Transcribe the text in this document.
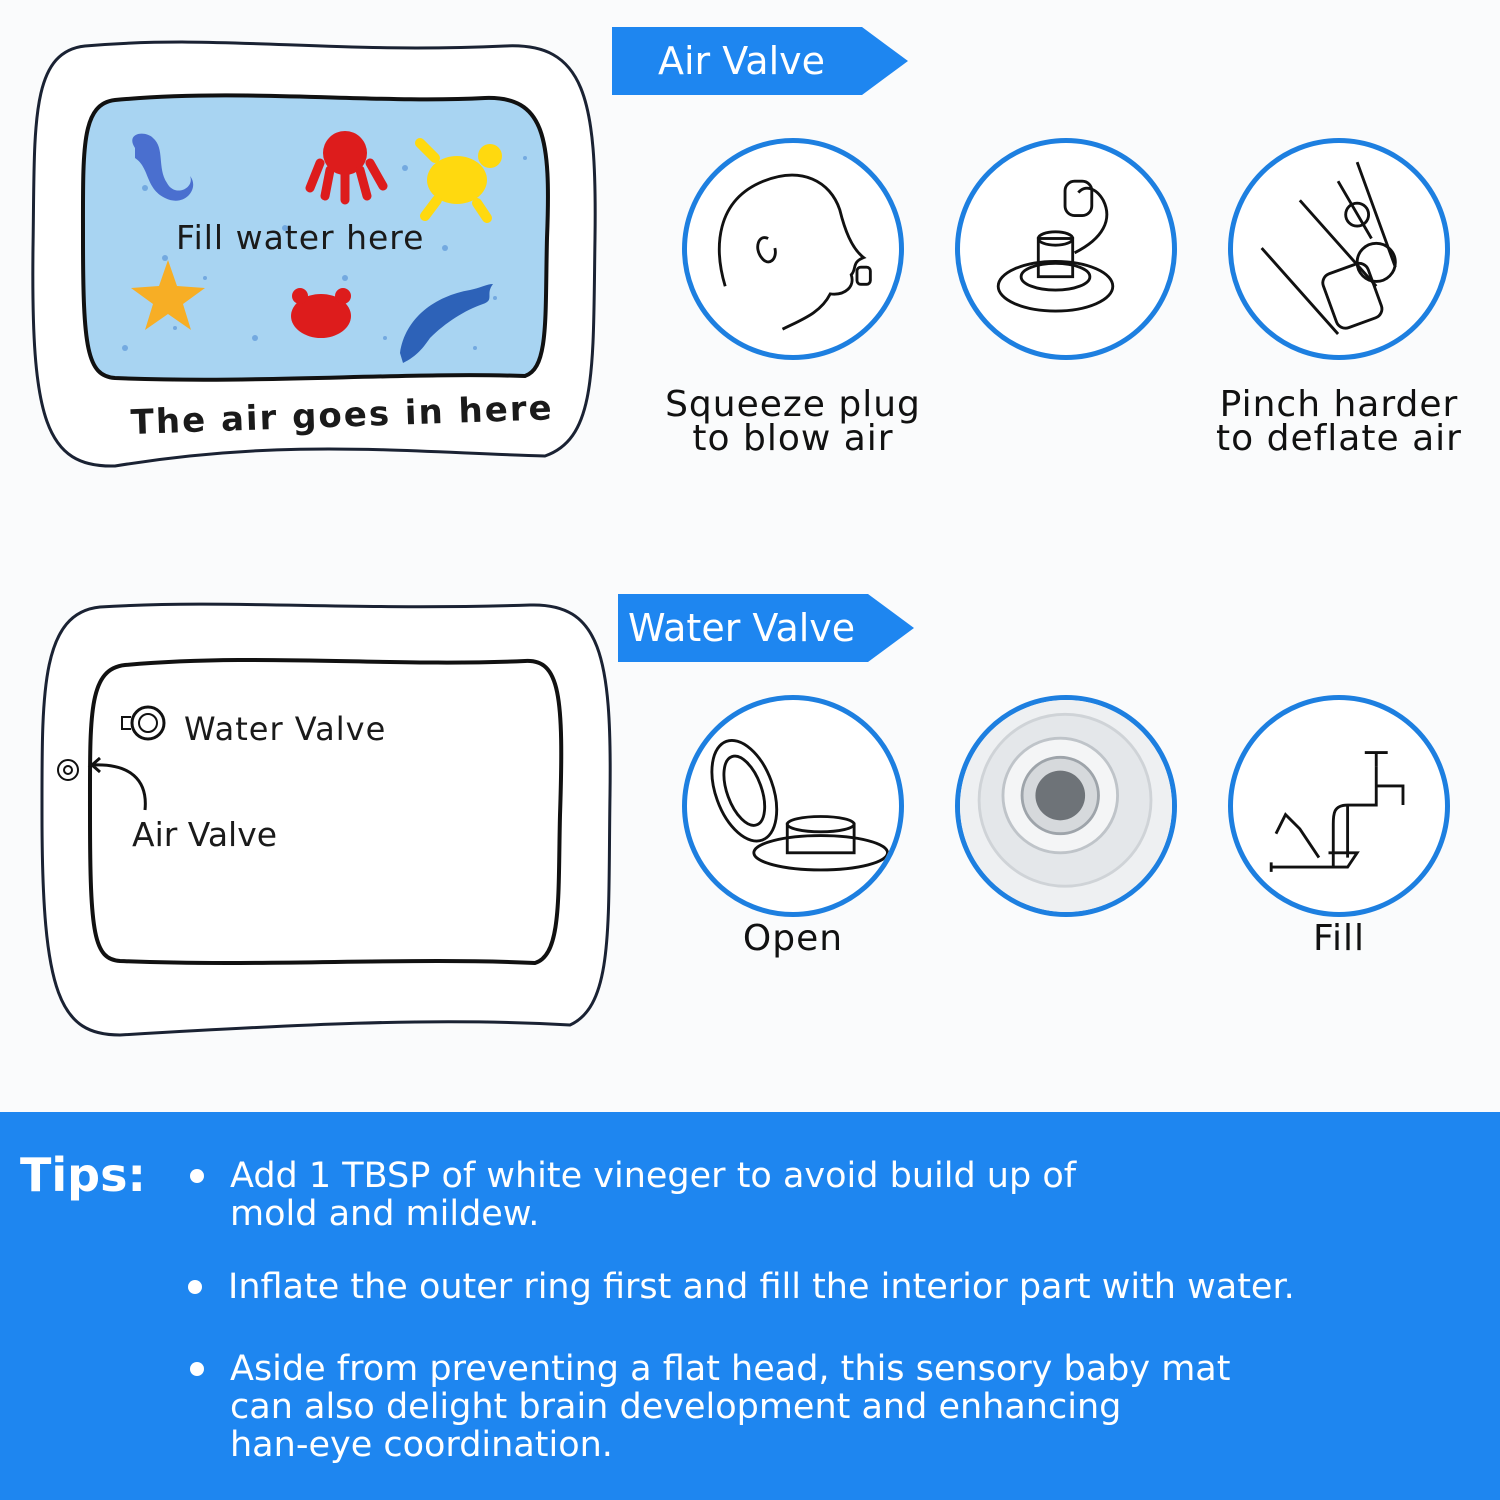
Fill water here
The air goes in here
Air Valve
Squeeze plug
to blow air
Pinch harder
to deflate air
Water Valve
Air Valve
Water Valve
Open	Fill
Tips: Add 1 TBSP of white vineger to avoid build up of
mold and mildew.
Inflate the outer ring first and fill the interior part with water.
Aside from preventing a flat head, this sensory baby mat
can also delight brain development and enhancing
han-eye coordination.
